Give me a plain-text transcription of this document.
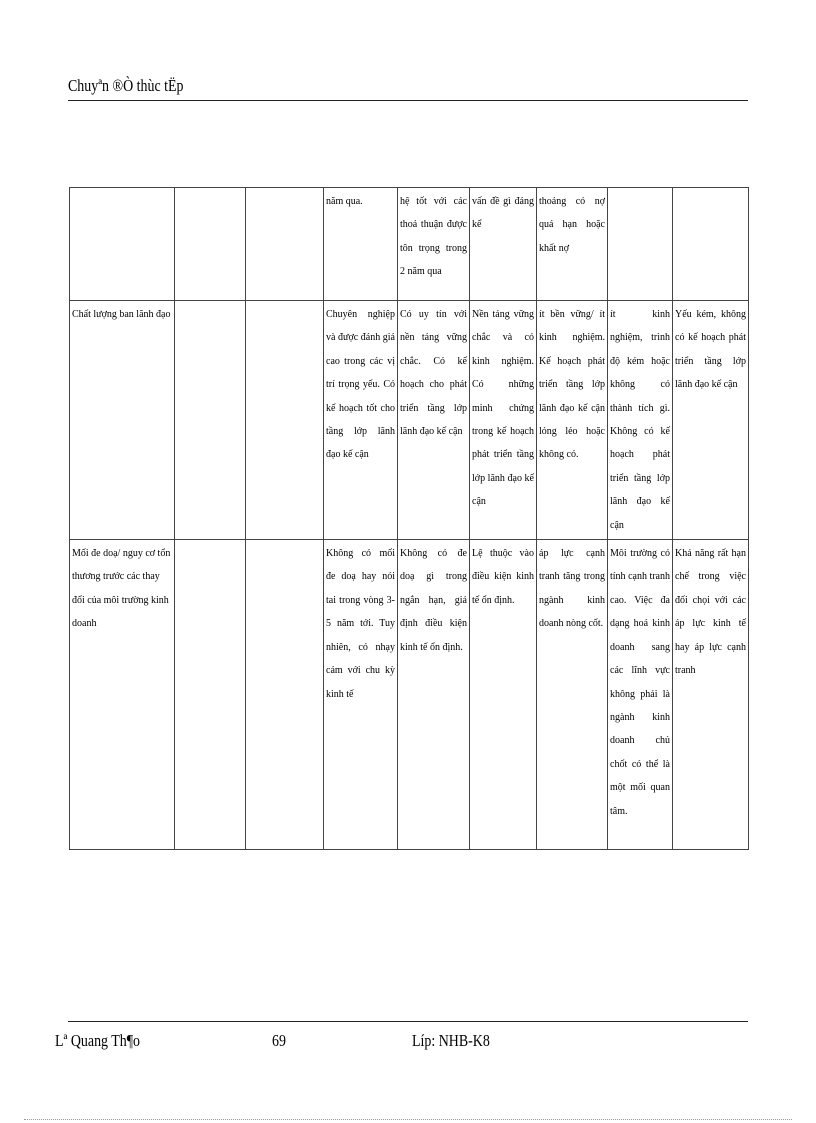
Chuyªn ®Ò thùc tËp
			năm qua.	hệ tốt với các thoả thuận được tôn trọng trong 2 năm qua	vấn đề gì đáng kể	thoảng có nợ quá hạn hoặc khất nợ		
Chất lượng ban lãnh đạo			Chuyên nghiệp và được đánh giá cao trong các vị trí trọng yếu. Có kế hoạch tốt cho tầng lớp lãnh đạo kế cận	Có uy tín với nền tảng vững chắc. Có kế hoạch cho phát triển tầng lớp lãnh đạo kế cận	Nền tảng vững chắc và có kinh nghiệm. Có những minh chứng trong kế hoạch phát triển tầng lớp lãnh đạo kế cận	ít bền vững/ ít kinh nghiệm. Kế hoạch phát triển tầng lớp lãnh đạo kế cận lỏng lẻo hoặc không có.	ít kinh nghiệm, trình độ kém hoặc không có thành tích gì. Không có kế hoạch phát triển tầng lớp lãnh đạo kế cận	Yếu kém, không có kế hoạch phát triển tầng lớp lãnh đạo kế cận
Mối đe doạ/ nguy cơ tổn thương trước các thay đổi của môi trường kinh doanh			Không có mối đe doạ hay nói tai trong vòng 3-5 năm tới. Tuy nhiên, có nhạy cảm với chu kỳ kinh tế	Không có đe doạ gì trong ngắn hạn, giả định điều kiện kinh tế ổn định.	Lệ thuộc vào điều kiện kinh tế ổn định.	áp lực cạnh tranh tăng trong ngành kinh doanh nòng cốt.	Môi trường có tính cạnh tranh cao. Việc đa dạng hoá kinh doanh sang các lĩnh vực không phải là ngành kinh doanh chủ chốt có thể là một mối quan tâm.	Khả năng rất hạn chế trong việc đối chọi với các áp lực kinh tế hay áp lực cạnh tranh
Lª Quang Th¶o	69	Líp: NHB-K8
